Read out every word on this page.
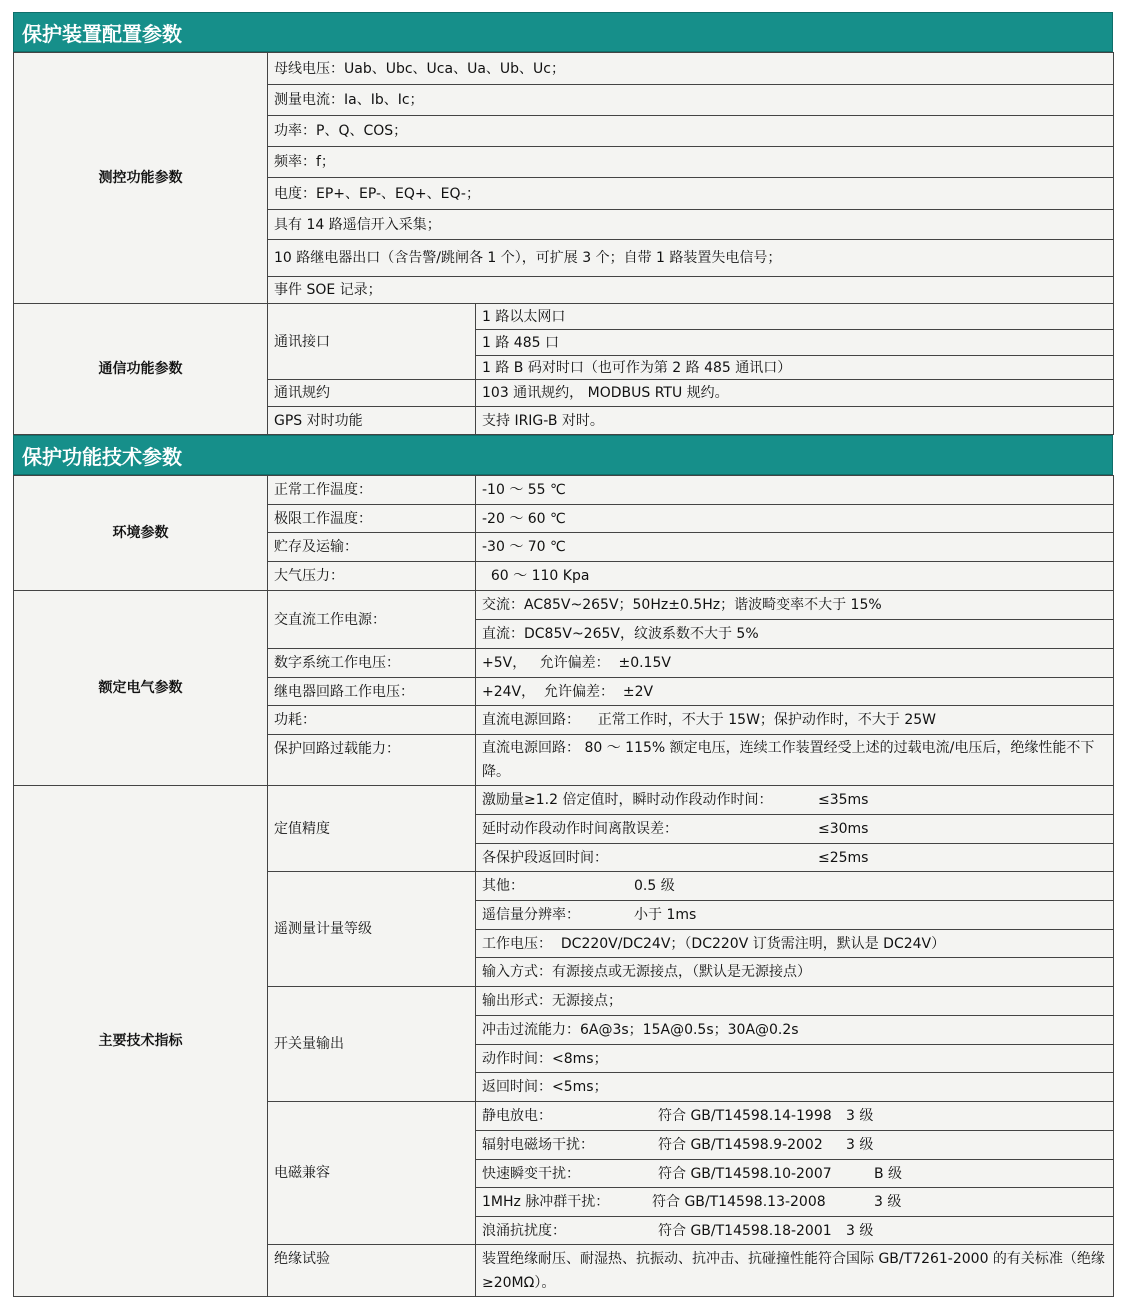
保护装置配置参数
测控功能参数	母线电压：Uab、Ubc、Uca、Ua、Ub、Uc；	
	测量电流：Ia、Ib、Ic；	
	功率：P、Q、COS；	
	频率：f；	
	电度：EP+、EP-、EQ+、EQ-；	
	具有 14 路遥信开入采集；	
	10 路继电器出口（含告警/跳闸各 1 个），可扩展 3 个；自带 1 路装置失电信号；	
	事件 SOE 记录；	
通信功能参数	通讯接口	1 路以太网口
		1 路 485 口
		1 路 B 码对时口（也可作为第 2 路 485 通讯口）
	通讯规约	103 通讯规约， MODBUS RTU 规约。
	GPS 对时功能	支持 IRIG-B 对时。
保护功能技术参数
环境参数	正常工作温度：	-10 ～ 55 ℃
	极限工作温度：	-20 ～ 60 ℃
	贮存及运输：	-30 ～ 70 ℃
	大气压力：	60 ～ 110 Kpa
额定电气参数	交直流工作电源：	交流：AC85V~265V；50Hz±0.5Hz；谐波畸变率不大于 15%
		直流：DC85V~265V，纹波系数不大于 5%
	数字系统工作电压：	+5V，   允许偏差：  ±0.15V
	继电器回路工作电压：	+24V，  允许偏差：  ±2V
	功耗：	直流电源回路：    正常工作时，不大于 15W；保护动作时，不大于 25W
	保护回路过载能力：	直流电源回路： 80 ～ 115% 额定电压，连续工作装置经受上述的过载电流/电压后，绝缘性能不下降。

主要技术指标	定值精度	激励量≥1.2 倍定值时，瞬时动作段动作时间： ≤35ms
		延时动作段动作时间离散误差： ≤30ms
		各保护段返回时间： ≤25ms
	遥测量计量等级	其他： 0.5 级
		遥信量分辨率： 小于 1ms
		工作电压：  DC220V/DC24V；（DC220V 订货需注明，默认是 DC24V）
		输入方式：有源接点或无源接点，（默认是无源接点）
	开关量输出	输出形式：无源接点；
		冲击过流能力：6A@3s；15A@0.5s；30A@0.2s
		动作时间：<8ms；
		返回时间：<5ms；
	电磁兼容	静电放电： 符合 GB/T14598.14-1998 3 级
		辐射电磁场干扰： 符合 GB/T14598.9-2002 3 级
		快速瞬变干扰： 符合 GB/T14598.10-2007 B 级
		1MHz 脉冲群干扰： 符合 GB/T14598.13-2008 3 级
		浪涌抗扰度： 符合 GB/T14598.18-2001 3 级
	绝缘试验	装置绝缘耐压、耐湿热、抗振动、抗冲击、抗碰撞性能符合国际 GB/T7261-2000 的有关标准（绝缘≥20MΩ）。
